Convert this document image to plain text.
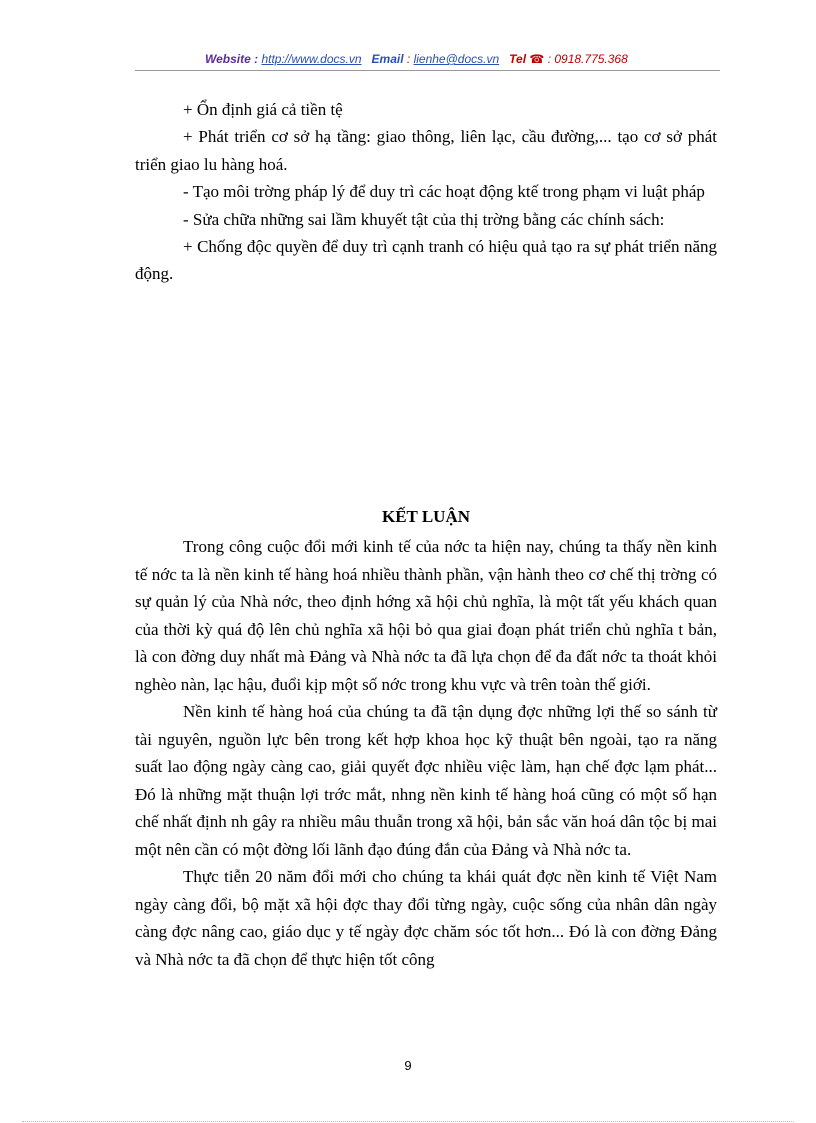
Website : http://www.docs.vn Email : lienhe@docs.vn Tel ☎ : 0918.775.368

+ Ổn định giá cả tiền tệ

+ Phát triển cơ sở hạ tầng: giao thông, liên lạc, cầu đường,... tạo cơ sở phát triển giao lu hàng hoá.

- Tạo môi trờng pháp lý để duy trì các hoạt động ktế trong phạm vi luật pháp

- Sửa chữa những sai lầm khuyết tật của thị trờng bằng các chính sách:

+ Chống độc quyền để duy trì cạnh tranh có hiệu quả tạo ra sự phát triển năng động.

KẾT LUẬN

Trong công cuộc đổi mới kinh tế của nớc ta hiện nay, chúng ta thấy nền kinh tế nớc ta là nền kinh tế hàng hoá nhiều thành phần, vận hành theo cơ chế thị trờng có sự quản lý của Nhà nớc, theo định hớng xã hội chủ nghĩa, là một tất yếu khách quan của thời kỳ quá độ lên chủ nghĩa xã hội bỏ qua giai đoạn phát triển chủ nghĩa t bản, là con đờng duy nhất mà Đảng và Nhà nớc ta đã lựa chọn để đa đất nớc ta thoát khỏi nghèo nàn, lạc hậu, đuổi kịp một số nớc trong khu vực và trên toàn thế giới.

Nền kinh tế hàng hoá của chúng ta đã tận dụng đợc những lợi thế so sánh từ tài nguyên, nguồn lực bên trong kết hợp khoa học kỹ thuật bên ngoài, tạo ra năng suất lao động ngày càng cao, giải quyết đợc nhiều việc làm, hạn chế đợc lạm phát... Đó là những mặt thuận lợi trớc mắt, nhng nền kinh tế hàng hoá cũng có một số hạn chế nhất định nh gây ra nhiều mâu thuẫn trong xã hội, bản sắc văn hoá dân tộc bị mai một nên cần có một đờng lối lãnh đạo đúng đắn của Đảng và Nhà nớc ta.

Thực tiễn 20 năm đổi mới cho chúng ta khái quát đợc nền kinh tế Việt Nam ngày càng đổi, bộ mặt xã hội đợc thay đổi từng ngày, cuộc sống của nhân dân ngày càng đợc nâng cao, giáo dục y tế ngày đợc chăm sóc tốt hơn... Đó là con đờng Đảng và Nhà nớc ta đã chọn để thực hiện tốt công

9
